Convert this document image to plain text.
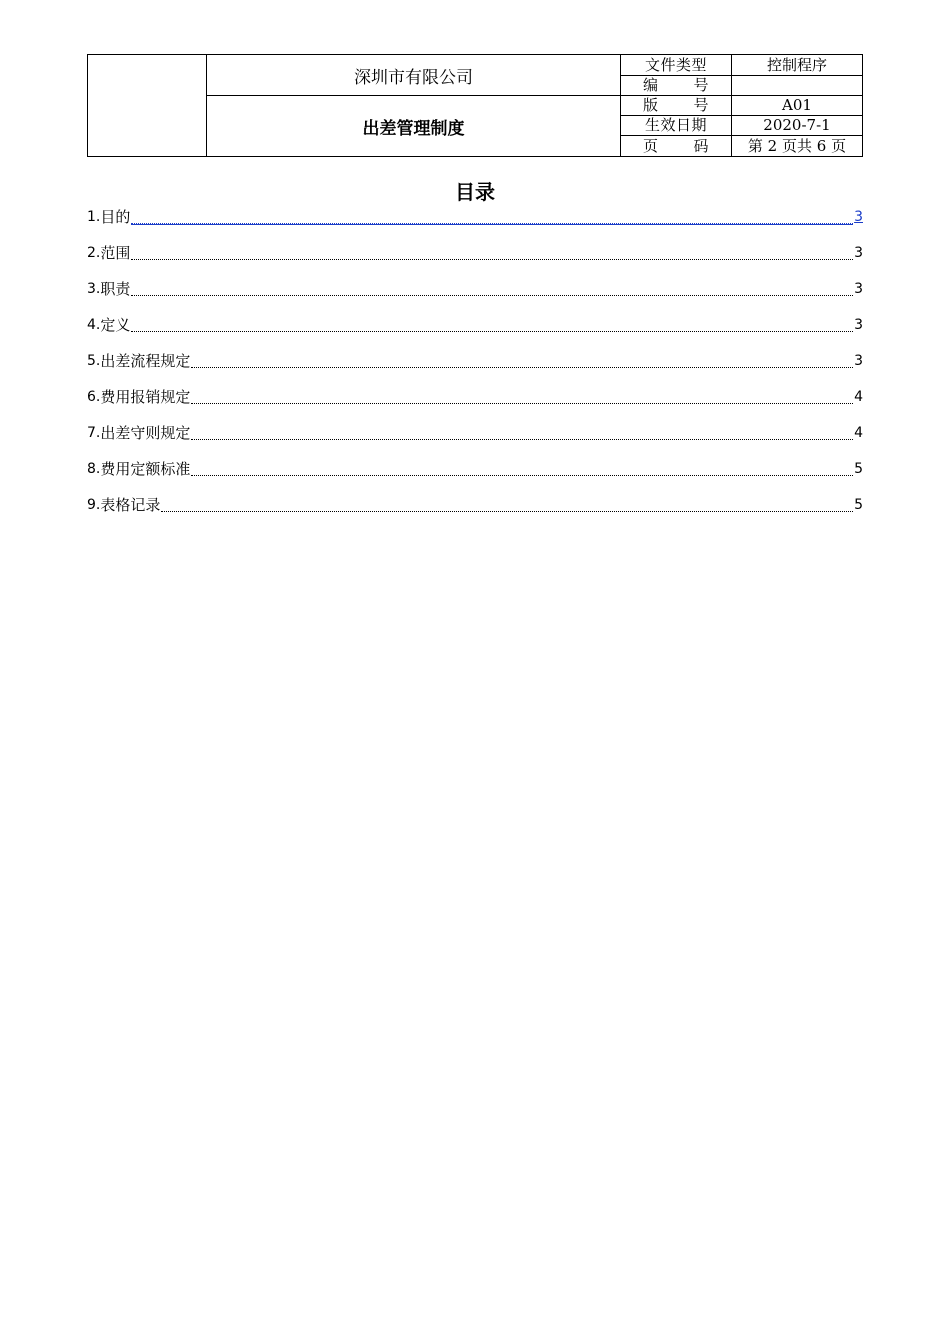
深圳市有限公司
出差管理制度
文件类型	控制程序
编 号
版 号	A01
生效日期	2020-7-1
页 码	第 2 页共 6 页
目录
1. 目的	3
2. 范围	3
3. 职责	3
4. 定义	3
5. 出差流程规定	3
6. 费用报销规定	4
7. 出差守则规定	4
8. 费用定额标准	5
9. 表格记录	5
